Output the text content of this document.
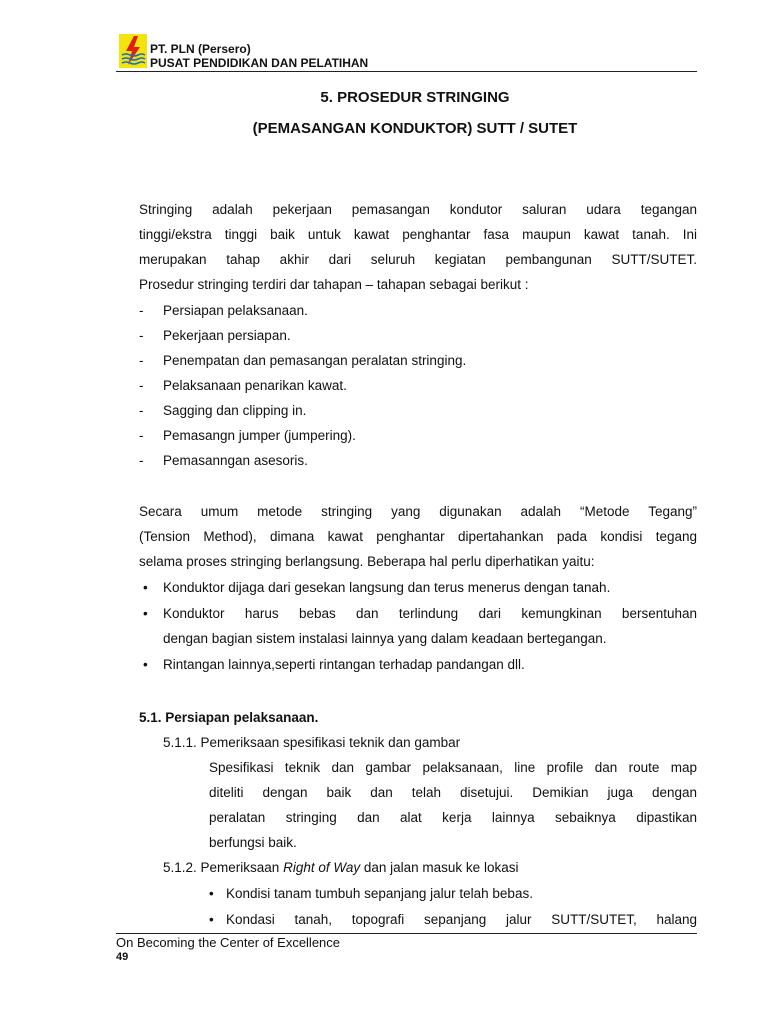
PT. PLN (Persero)
PUSAT PENDIDIKAN DAN PELATIHAN
5. PROSEDUR STRINGING
(PEMASANGAN KONDUKTOR) SUTT / SUTET
Stringing adalah pekerjaan pemasangan kondutor saluran udara tegangan
tinggi/ekstra tinggi baik untuk kawat penghantar fasa maupun kawat tanah. Ini
merupakan tahap akhir dari seluruh kegiatan pembangunan SUTT/SUTET.
Prosedur stringing terdiri dar tahapan – tahapan sebagai berikut :
-	Persiapan pelaksanaan.
-	Pekerjaan persiapan.
-	Penempatan dan pemasangan peralatan stringing.
-	Pelaksanaan penarikan kawat.
-	Sagging dan clipping in.
-	Pemasangn jumper (jumpering).
-	Pemasanngan asesoris.
Secara umum metode stringing yang digunakan adalah “Metode Tegang”
(Tension Method), dimana kawat penghantar dipertahankan pada kondisi tegang
selama proses stringing berlangsung. Beberapa hal perlu diperhatikan yaitu:
• Konduktor dijaga dari gesekan langsung dan terus menerus dengan tanah.
• Konduktor harus bebas dan terlindung dari kemungkinan bersentuhan
dengan bagian sistem instalasi lainnya yang dalam keadaan bertegangan.
• Rintangan lainnya,seperti rintangan terhadap pandangan dll.
5.1. Persiapan pelaksanaan.
5.1.1. Pemeriksaan spesifikasi teknik dan gambar
Spesifikasi teknik dan gambar pelaksanaan, line profile dan route map
diteliti dengan baik dan telah disetujui. Demikian juga dengan
peralatan stringing dan alat kerja lainnya sebaiknya dipastikan
berfungsi baik.
5.1.2. Pemeriksaan Right of Way dan jalan masuk ke lokasi
• Kondisi tanam tumbuh sepanjang jalur telah bebas.
• Kondasi tanah, topografi sepanjang jalur SUTT/SUTET, halang
On Becoming the Center of Excellence
49
